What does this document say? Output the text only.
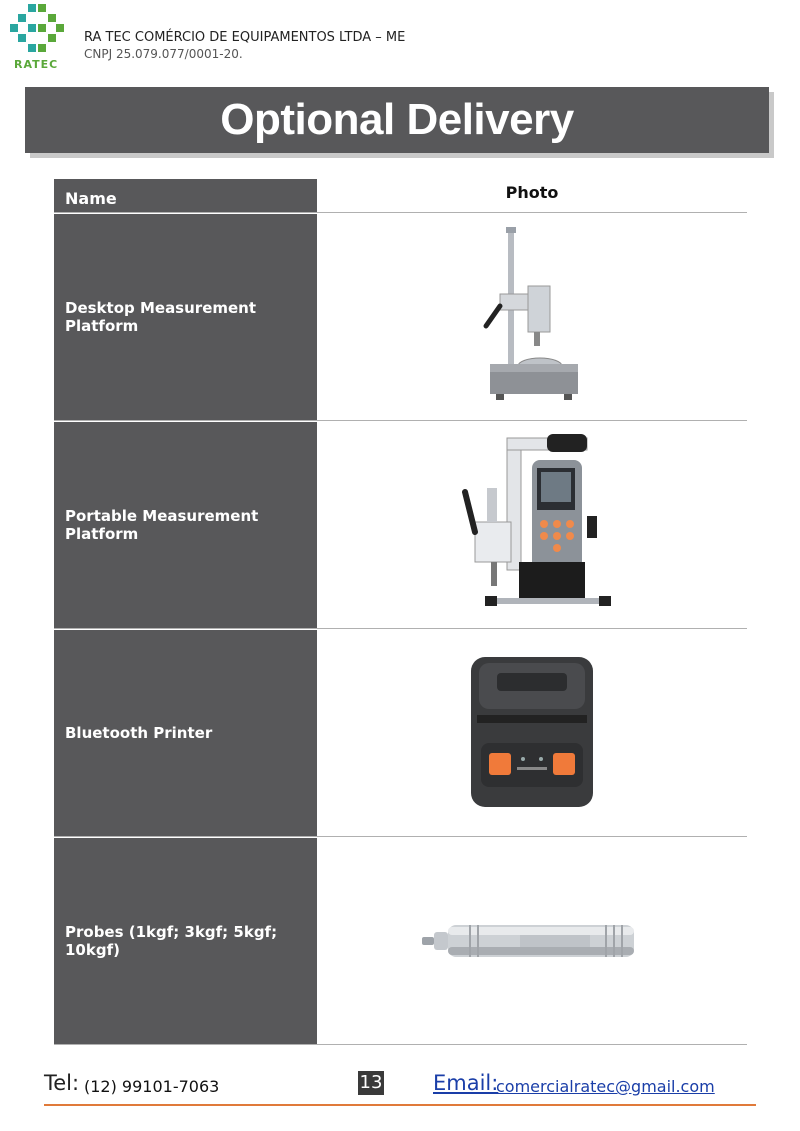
RATEC
RA TEC COMÉRCIO DE EQUIPAMENTOS LTDA – ME
CNPJ 25.079.077/0001-20.
Optional Delivery
Name	Photo
Desktop Measurement Platform
Portable Measurement Platform
Bluetooth Printer
Probes (1kgf; 3kgf; 5kgf; 10kgf)
Tel: (12) 99101-7063	13 Email:
comercialratec@gmail.com
